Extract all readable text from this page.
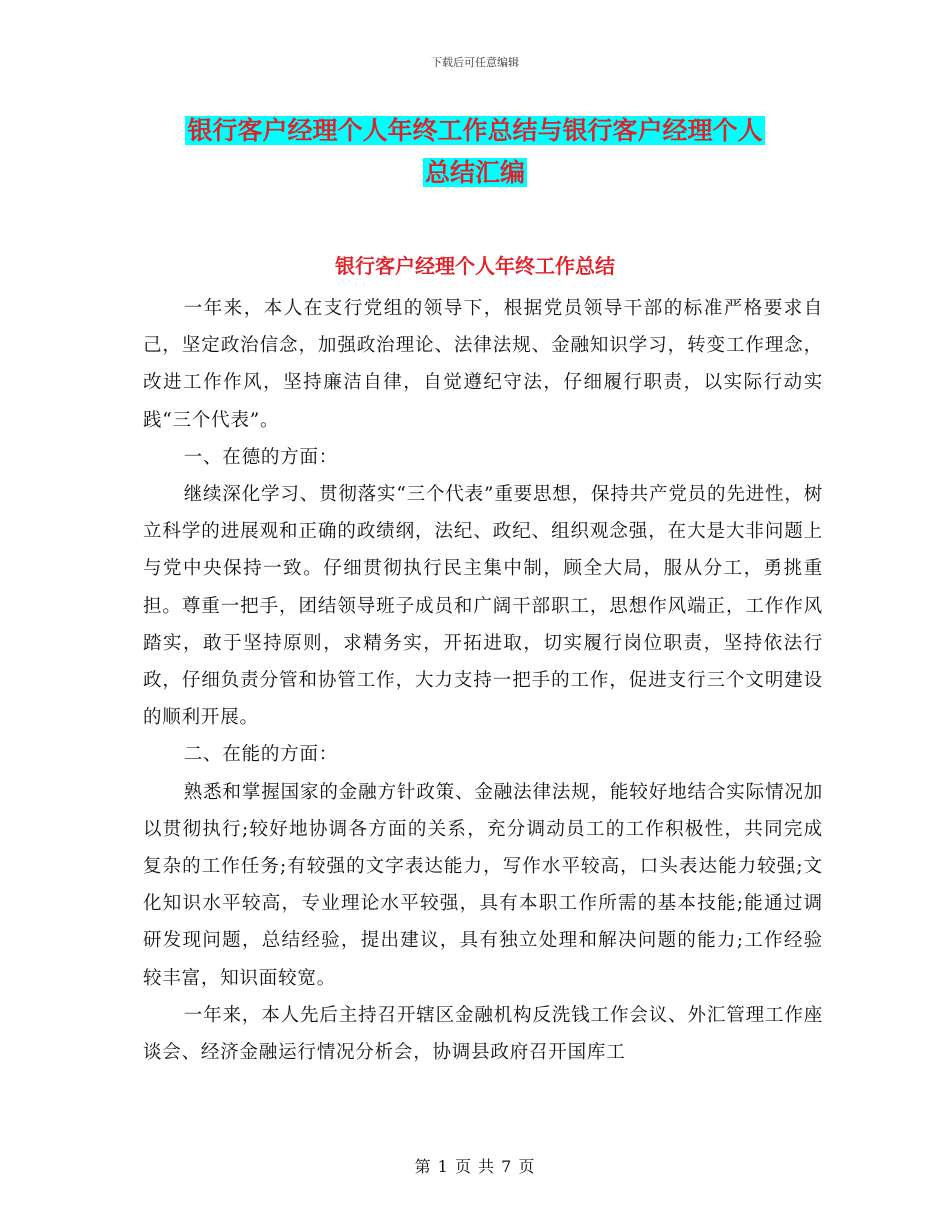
下载后可任意编辑
银行客户经理个人年终工作总结与银行客户经理个人
总结汇编
银行客户经理个人年终工作总结

一年来，本人在支行党组的领导下，根据党员领导干部的标准严格要求自己，坚定政治信念，加强政治理论、法律法规、金融知识学习，转变工作理念，改进工作作风，坚持廉洁自律，自觉遵纪守法，仔细履行职责，以实际行动实践“三个代表”。

一、在德的方面：

继续深化学习、贯彻落实“三个代表”重要思想，保持共产党员的先进性，树立科学的进展观和正确的政绩纲，法纪、政纪、组织观念强，在大是大非问题上与党中央保持一致。仔细贯彻执行民主集中制，顾全大局，服从分工，勇挑重担。尊重一把手，团结领导班子成员和广阔干部职工，思想作风端正，工作作风踏实，敢于坚持原则，求精务实，开拓进取，切实履行岗位职责，坚持依法行政，仔细负责分管和协管工作，大力支持一把手的工作，促进支行三个文明建设的顺利开展。

二、在能的方面：

熟悉和掌握国家的金融方针政策、金融法律法规，能较好地结合实际情况加以贯彻执行;较好地协调各方面的关系，充分调动员工的工作积极性，共同完成复杂的工作任务;有较强的文字表达能力，写作水平较高，口头表达能力较强;文化知识水平较高，专业理论水平较强，具有本职工作所需的基本技能;能通过调研发现问题，总结经验，提出建议，具有独立处理和解决问题的能力;工作经验较丰富，知识面较宽。

一年来，本人先后主持召开辖区金融机构反洗钱工作会议、外汇管理工作座谈会、经济金融运行情况分析会，协调县政府召开国库工

第 1 页 共 7 页
